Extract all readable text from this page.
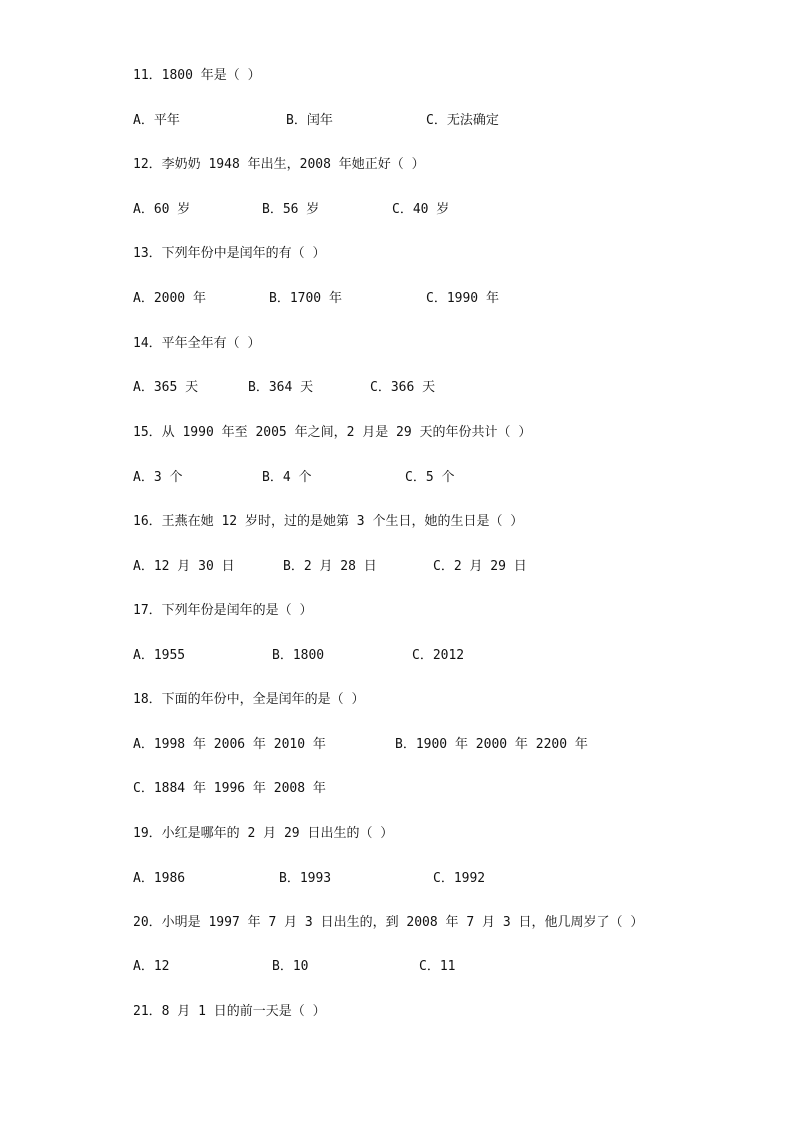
11．1800 年是（ ）
A．平年	B．闰年	C．无法确定
12．李奶奶 1948 年出生，2008 年她正好（ ）
A．60 岁	B．56 岁	C．40 岁
13．下列年份中是闰年的有（ ）
A．2000 年	B．1700 年	C．1990 年
14．平年全年有（ ）
A．365 天	B．364 天	C．366 天
15．从 1990 年至 2005 年之间，2 月是 29 天的年份共计（ ）
A．3 个	B．4 个	C．5 个
16．王燕在她 12 岁时，过的是她第 3 个生日，她的生日是（ ）
A．12 月 30 日	B．2 月 28 日	C．2 月 29 日
17．下列年份是闰年的是（ ）
A．1955	B．1800	C．2012
18．下面的年份中，全是闰年的是（ ）
A．1998 年 2006 年 2010 年	B．1900 年 2000 年 2200 年
C．1884 年 1996 年 2008 年
19．小红是哪年的 2 月 29 日出生的（ ）
A．1986	B．1993	C．1992
20．小明是 1997 年 7 月 3 日出生的，到 2008 年 7 月 3 日，他几周岁了（ ）
A．12	B．10	C．11
21．8 月 1 日的前一天是（ ）
